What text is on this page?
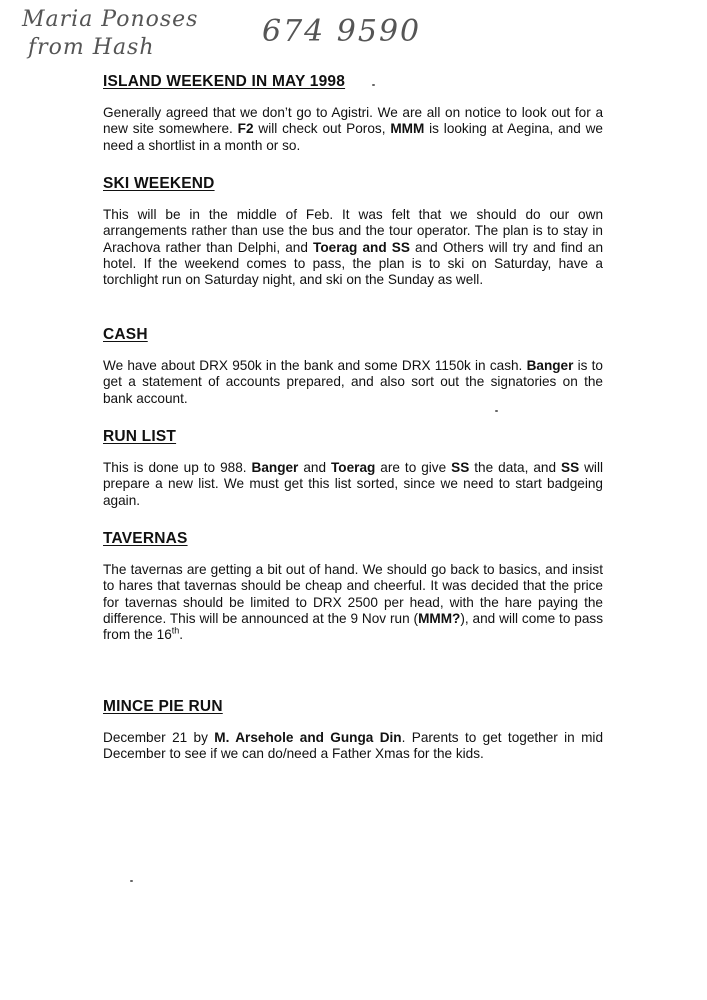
Maria Ponoses
from Hash	674 9590
ISLAND WEEKEND IN MAY 1998

Generally agreed that we don’t go to Agistri. We are all on notice to look out for a new site somewhere. F2 will check out Poros, MMM is looking at Aegina, and we need a shortlist in a month or so.

SKI WEEKEND

This will be in the middle of Feb. It was felt that we should do our own arrangements rather than use the bus and the tour operator. The plan is to stay in Arachova rather than Delphi, and Toerag and SS and Others will try and find an hotel. If the weekend comes to pass, the plan is to ski on Saturday, have a torchlight run on Saturday night, and ski on the Sunday as well.

CASH

We have about DRX 950k in the bank and some DRX 1150k in cash. Banger is to get a statement of accounts prepared, and also sort out the signatories on the bank account.

RUN LIST

This is done up to 988. Banger and Toerag are to give SS the data, and SS will prepare a new list. We must get this list sorted, since we need to start badgeing again.

TAVERNAS

The tavernas are getting a bit out of hand. We should go back to basics, and insist to hares that tavernas should be cheap and cheerful. It was decided that the price for tavernas should be limited to DRX 2500 per head, with the hare paying the difference. This will be announced at the 9 Nov run (MMM?), and will come to pass from the 16th.

MINCE PIE RUN

December 21 by M. Arsehole and Gunga Din. Parents to get together in mid December to see if we can do/need a Father Xmas for the kids.
